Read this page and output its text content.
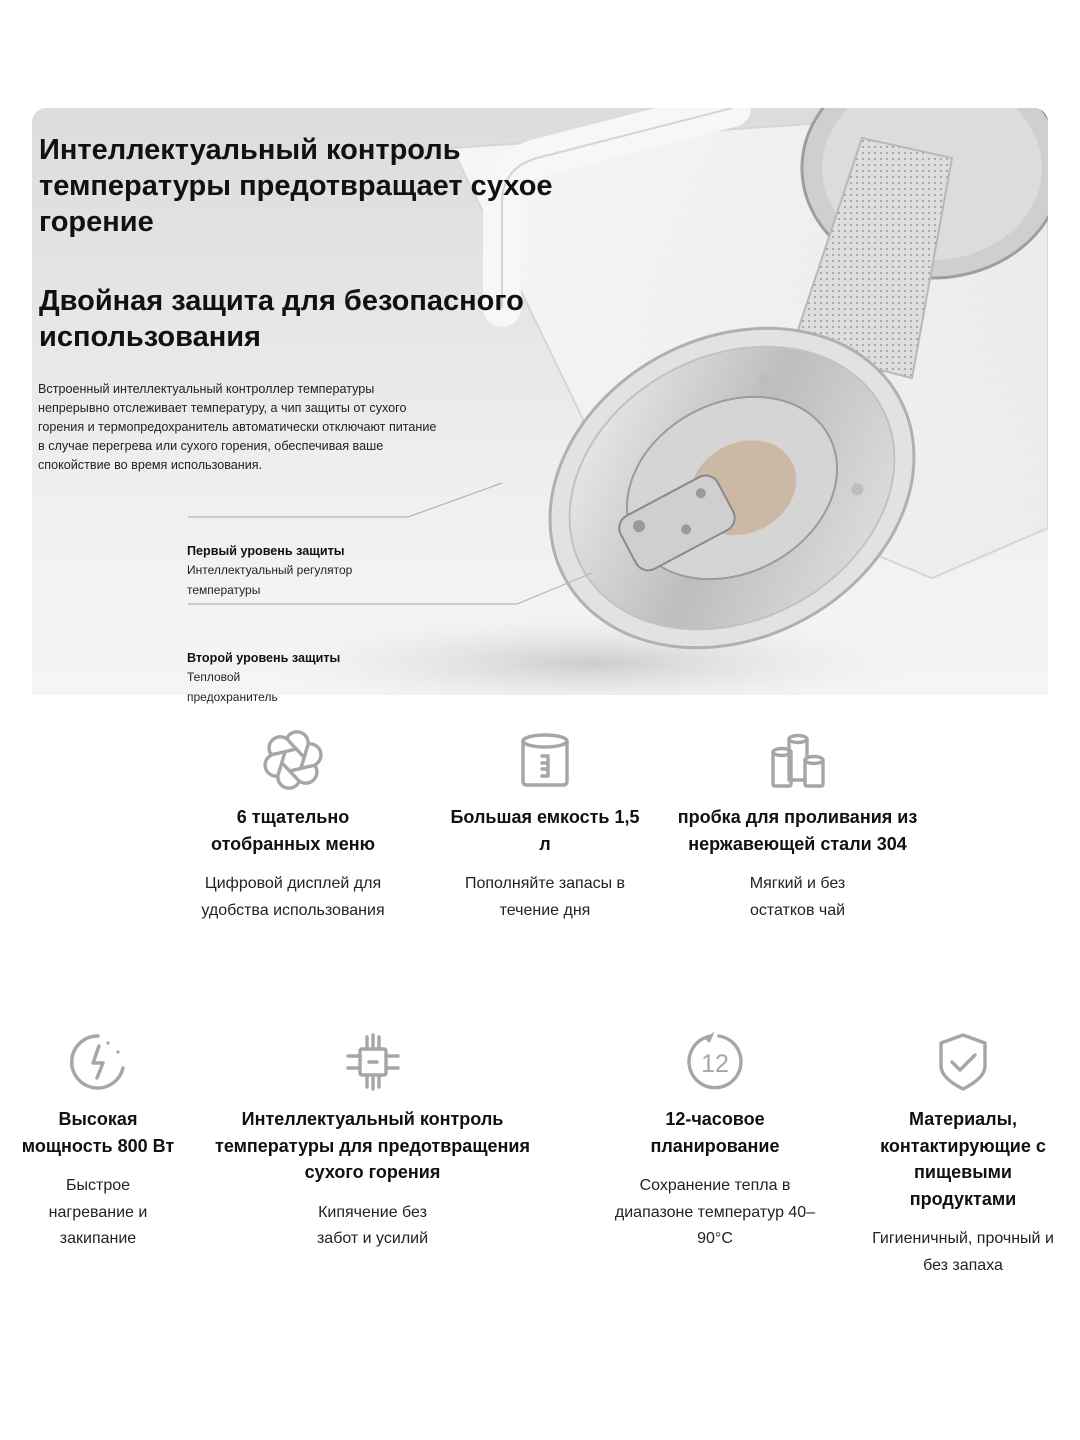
Интеллектуальный контроль температуры предотвращает сухое горение
Двойная защита для безопасного использования

Встроенный интеллектуальный контроллер температуры непрерывно отслеживает температуру, а чип защиты от сухого горения и термопредохранитель автоматически отключают питание в случае перегрева или сухого горения, обеспечивая ваше спокойствие во время использования.

Первый уровень защиты
Интеллектуальный регулятор
температуры
Второй уровень защиты
Тепловой
предохранитель
6 тщательно отобранных меню
Цифровой дисплей для удобства использования
Большая емкость 1,5 л
Пополняйте запасы в течение дня
пробка для проливания из нержавеющей стали 304
Мягкий и без остатков чай
Высокая мощность 800 Вт
Быстрое нагревание и закипание
Интеллектуальный контроль температуры для предотвращения сухого горения
Кипячение без забот и усилий
12
12-часовое планирование
Сохранение тепла в диапазоне температур 40–90°C
Материалы, контактирующие с пищевыми продуктами
Гигиеничный, прочный и без запаха
